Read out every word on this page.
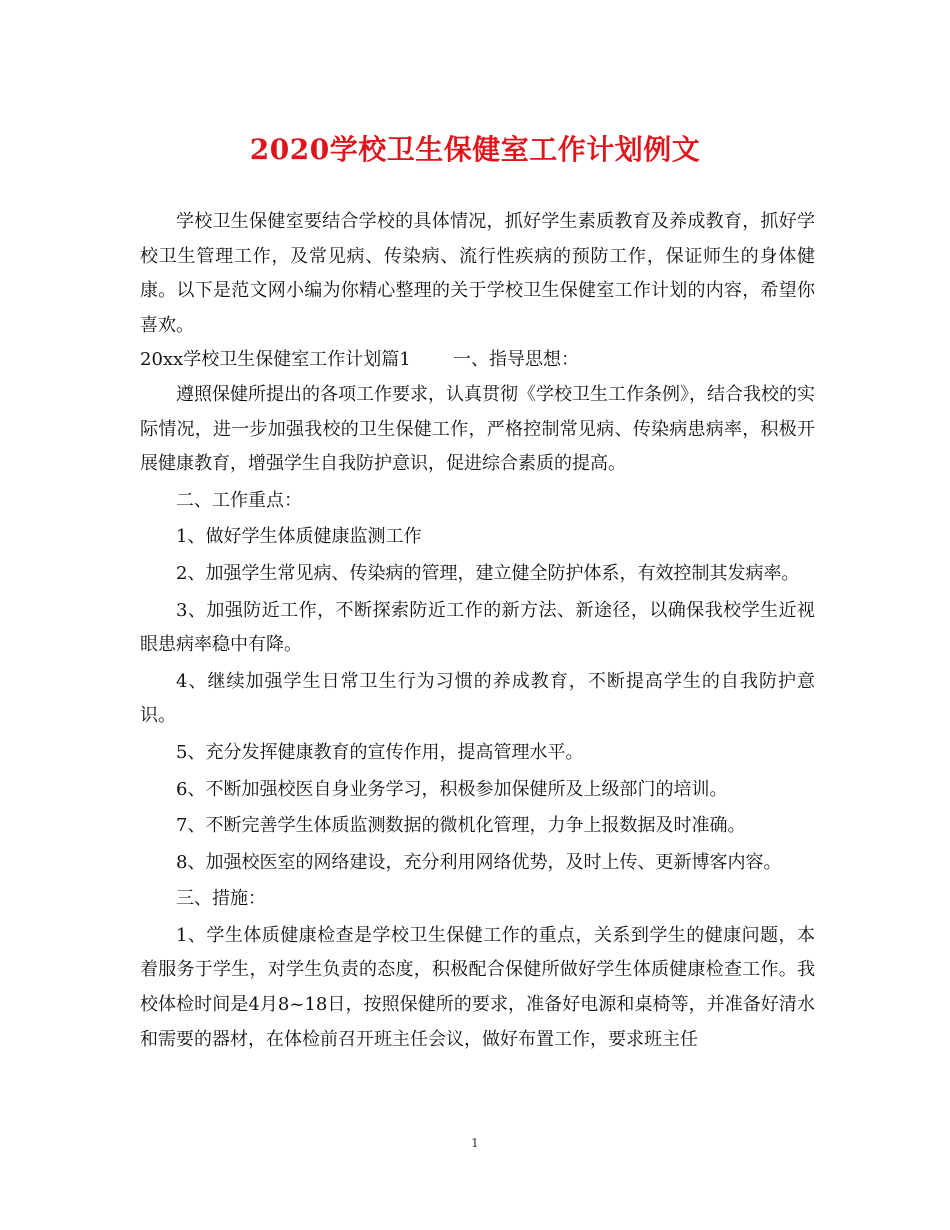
2020学校卫生保健室工作计划例文

学校卫生保健室要结合学校的具体情况，抓好学生素质教育及养成教育，抓好学校卫生管理工作，及常见病、传染病、流行性疾病的预防工作，保证师生的身体健康。以下是范文网小编为你精心整理的关于学校卫生保健室工作计划的内容，希望你喜欢。

20xx学校卫生保健室工作计划篇1	一、指导思想：

遵照保健所提出的各项工作要求，认真贯彻《学校卫生工作条例》，结合我校的实际情况，进一步加强我校的卫生保健工作，严格控制常见病、传染病患病率，积极开展健康教育，增强学生自我防护意识，促进综合素质的提高。

二、工作重点：

1、做好学生体质健康监测工作

2、加强学生常见病、传染病的管理，建立健全防护体系，有效控制其发病率。

3、加强防近工作，不断探索防近工作的新方法、新途径，以确保我校学生近视眼患病率稳中有降。

4、继续加强学生日常卫生行为习惯的养成教育，不断提高学生的自我防护意识。

5、充分发挥健康教育的宣传作用，提高管理水平。

6、不断加强校医自身业务学习，积极参加保健所及上级部门的培训。

7、不断完善学生体质监测数据的微机化管理，力争上报数据及时准确。

8、加强校医室的网络建设，充分利用网络优势，及时上传、更新博客内容。

三、措施：

1、学生体质健康检查是学校卫生保健工作的重点，关系到学生的健康问题，本着服务于学生，对学生负责的态度，积极配合保健所做好学生体质健康检查工作。我校体检时间是4月8~18日，按照保健所的要求，准备好电源和桌椅等，并准备好清水和需要的器材，在体检前召开班主任会议，做好布置工作，要求班主任

1
